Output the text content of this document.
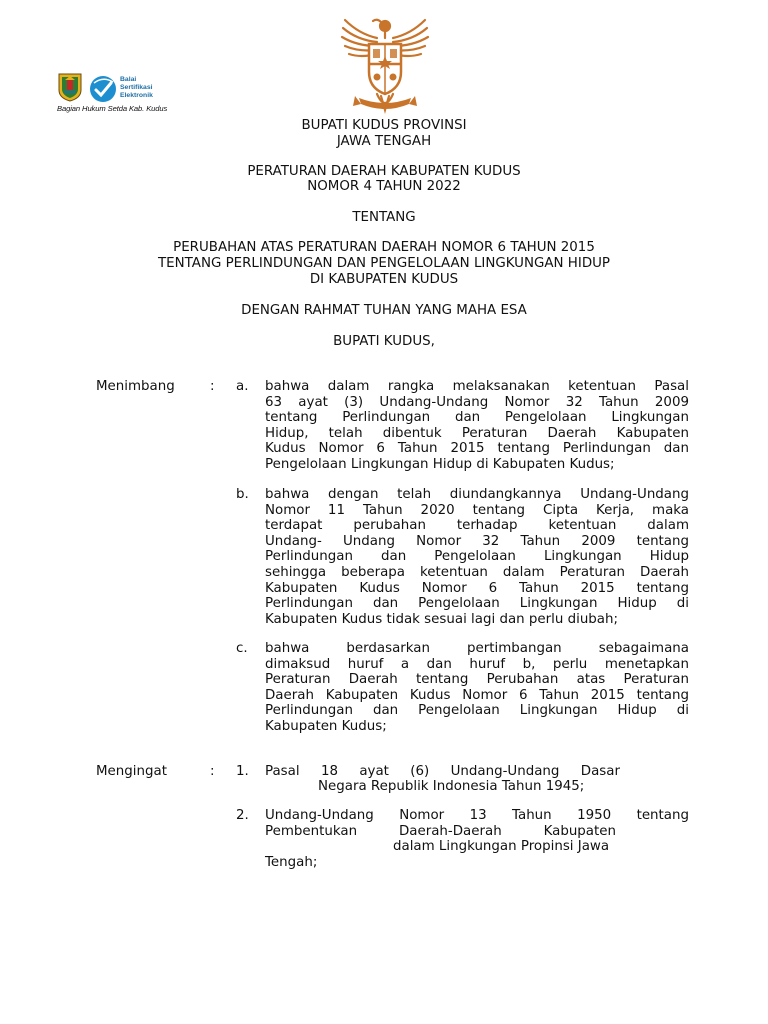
Balai
Sertifikasi
Elektronik
Bagian Hukum Setda Kab. Kudus
BUPATI KUDUS PROVINSI
JAWA TENGAH
PERATURAN DAERAH KABUPATEN KUDUS
NOMOR 4 TAHUN 2022
TENTANG
PERUBAHAN ATAS PERATURAN DAERAH NOMOR 6 TAHUN 2015
TENTANG PERLINDUNGAN DAN PENGELOLAAN LINGKUNGAN HIDUP
DI KABUPATEN KUDUS
DENGAN RAHMAT TUHAN YANG MAHA ESA
BUPATI KUDUS,
Menimbang	: a. bahwa dalam rangka melaksanakan ketentuan Pasal
63 ayat (3) Undang-Undang Nomor 32 Tahun 2009
tentang Perlindungan dan Pengelolaan Lingkungan
Hidup, telah dibentuk Peraturan Daerah Kabupaten
Kudus Nomor 6 Tahun 2015 tentang Perlindungan dan
Pengelolaan Lingkungan Hidup di Kabupaten Kudus;
b. bahwa dengan telah diundangkannya Undang-Undang
Nomor 11 Tahun 2020 tentang Cipta Kerja, maka
terdapat perubahan terhadap ketentuan dalam
Undang- Undang Nomor 32 Tahun 2009 tentang
Perlindungan dan Pengelolaan Lingkungan Hidup
sehingga beberapa ketentuan dalam Peraturan Daerah
Kabupaten Kudus Nomor 6 Tahun 2015 tentang
Perlindungan dan Pengelolaan Lingkungan Hidup di
Kabupaten Kudus tidak sesuai lagi dan perlu diubah;
c. bahwa berdasarkan pertimbangan sebagaimana
dimaksud huruf a dan huruf b, perlu menetapkan
Peraturan Daerah tentang Perubahan atas Peraturan
Daerah Kabupaten Kudus Nomor 6 Tahun 2015 tentang
Perlindungan dan Pengelolaan Lingkungan Hidup di
Kabupaten Kudus;
Mengingat	: 1. Pasal 18 ayat (6) Undang-Undang Dasar
Negara Republik Indonesia Tahun 1945;
2. Undang-Undang Nomor 13 Tahun 1950 tentang
Pembentukan Daerah-Daerah Kabupaten
dalam Lingkungan Propinsi Jawa
Tengah;
